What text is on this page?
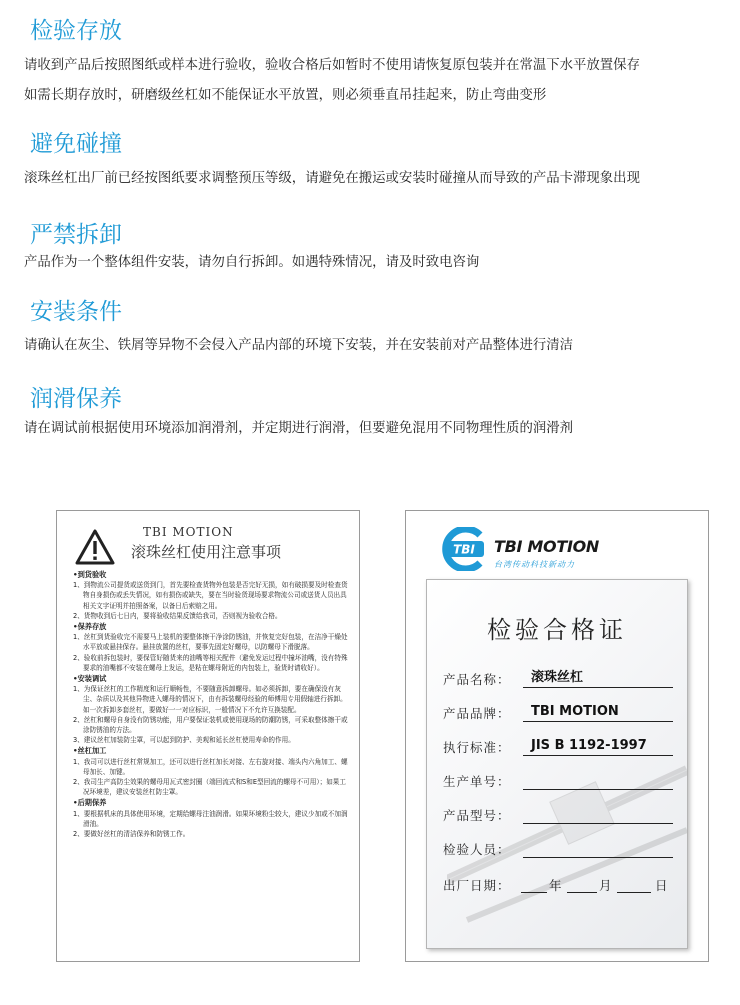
检验存放
请收到产品后按照图纸或样本进行验收，验收合格后如暂时不使用请恢复原包装并在常温下水平放置保存
如需长期存放时，研磨级丝杠如不能保证水平放置，则必须垂直吊挂起来，防止弯曲变形
避免碰撞
滚珠丝杠出厂前已经按图纸要求调整预压等级，请避免在搬运或安装时碰撞从而导致的产品卡滞现象出现
严禁拆卸
产品作为一个整体组件安装，请勿自行拆卸。如遇特殊情况，请及时致电咨询
安装条件
请确认在灰尘、铁屑等异物不会侵入产品内部的环境下安装，并在安装前对产品整体进行清洁
润滑保养
请在调试前根据使用环境添加润滑剂，并定期进行润滑，但要避免混用不同物理性质的润滑剂
TBI MOTION
滚珠丝杠使用注意事项
•到货验收

1、到物流公司提货或送货到门，首先要检查货物外包装是否完好无损，如有破损要及时检查货物自身损伤或丢失情况，如有损伤或缺失，要在当时验货现场要求物流公司或送货人员出具相关文字证明并拍照备案，以备日后索赔之用。

2、货物收到后七日内，要将验收结果反馈给我司，否则视为验收合格。

•保养存放

1、丝杠到货验收完不需要马上装机的要整体擦干净涂防锈油，并恢复完好包装，在洁净干燥处水平放或悬挂保存。悬挂放置的丝杠，要事先固定好螺母，以防螺母下滑脱落。

2、验收前拆包装时，要保管好随货来的油嘴等相关配件（避免发运过程中撞坏油嘴，没有特殊要求的油嘴都不安装在螺母上发运，是粘在螺母附近的内包装上，验货时请收好）。

•安装调试

1、为保证丝杠的工作精度和运行顺畅性，不要随意拆卸螺母。如必须拆卸，要在确保没有灰尘、杂质以及其他异物进入螺母的情况下，由有拆装螺母经验的师傅用专用假轴进行拆卸。如一次拆卸多套丝杠，要做好一一对应标识，一般情况下不允许互换装配。

2、丝杠和螺母自身没有防锈功能，用户要保证装机或使用现场的防潮防锈，可采取整体擦干或涂防锈油的方法。

3、建议丝杠加装防尘罩，可以起到防护、美观和延长丝杠使用寿命的作用。

•丝杠加工

1、我司可以进行丝杠常规加工，还可以进行丝杠加长对接、左右旋对接、端头内六角加工、螺母加长、加键。

2、我司生产高防尘效果的螺母用瓦式密封圈（端回流式和S和E型回流的螺母不可用）；如果工况环境差，建议安装丝杠防尘罩。

•后期保养

1、要根据机床的具体使用环境，定期给螺母注油润滑。如果环境粉尘较大，建议少加或不加润滑油。

2、要做好丝杠的清洁保养和防锈工作。

TBI TBI MOTION
台湾传动科技新动力
检验合格证
产品名称： 滚珠丝杠
产品品牌： TBI MOTION
执行标准： JIS B 1192-1997
生产单号：
产品型号：
检验人员：
出厂日期：	年	月	日
